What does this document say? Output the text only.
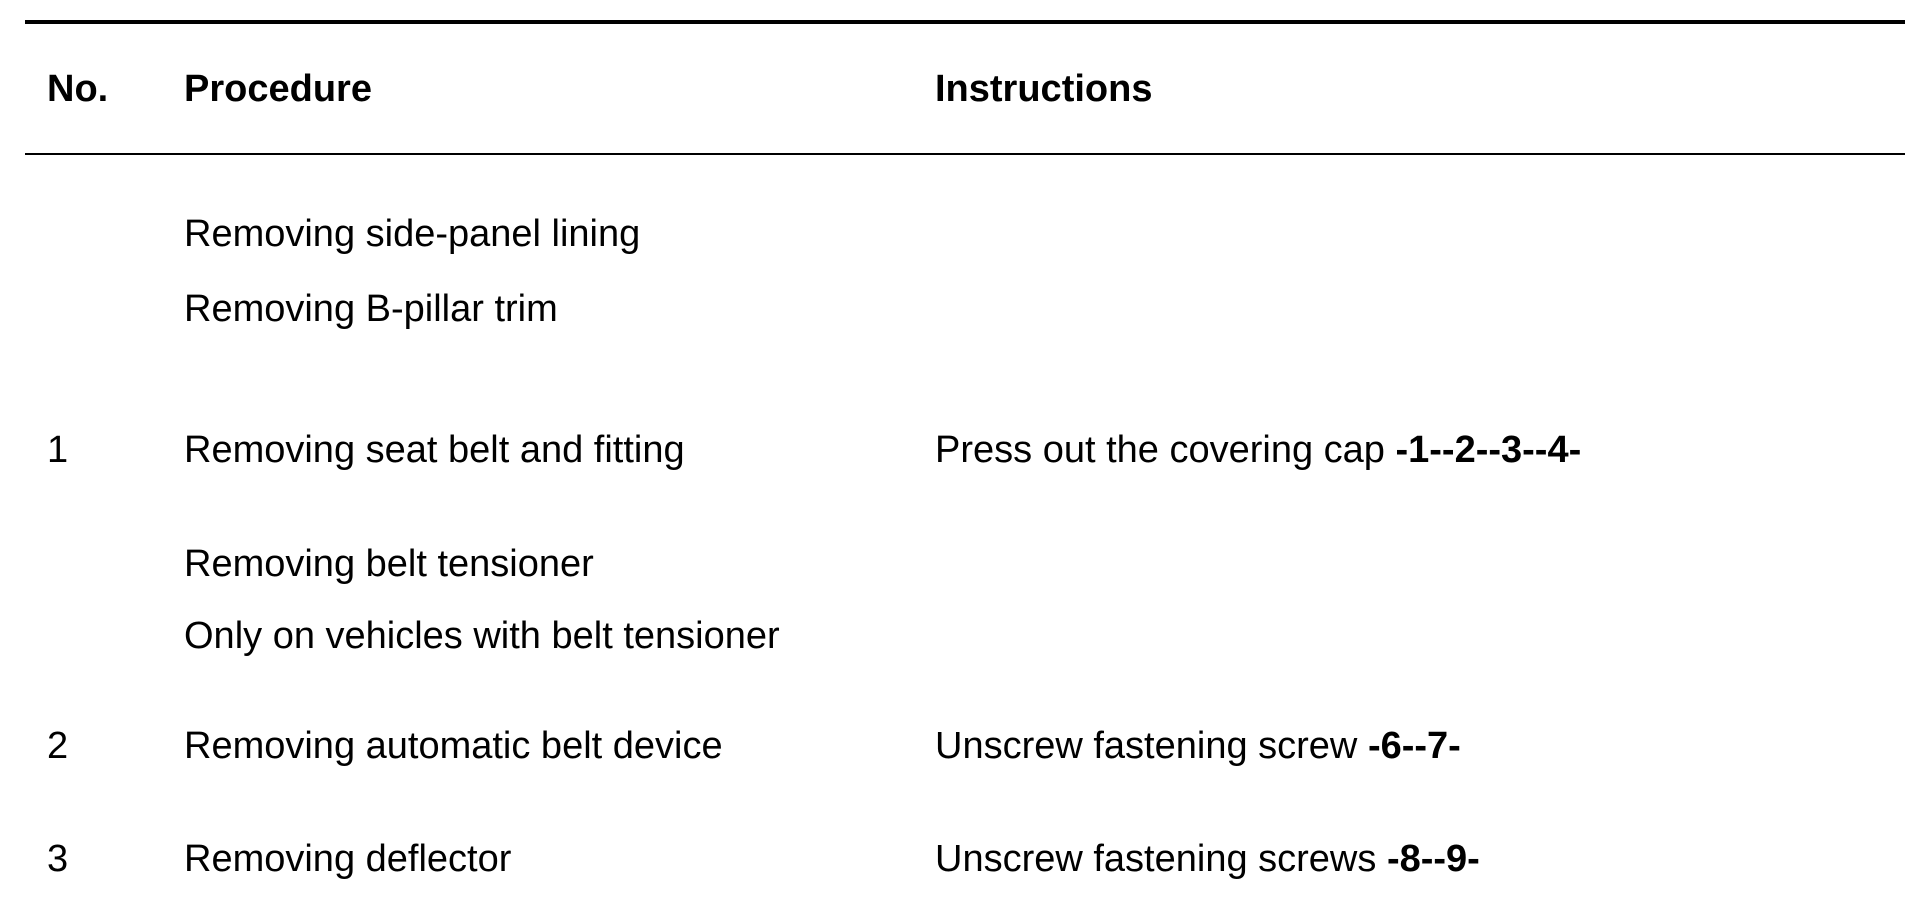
No. Procedure	Instructions
Removing side-panel lining
Removing B-pillar trim
1	Removing seat belt and fitting	Press out the covering cap -1--2--3--4-
Removing belt tensioner
Only on vehicles with belt tensioner
2	Removing automatic belt device	Unscrew fastening screw -6--7-
3	Removing deflector	Unscrew fastening screws -8--9-
